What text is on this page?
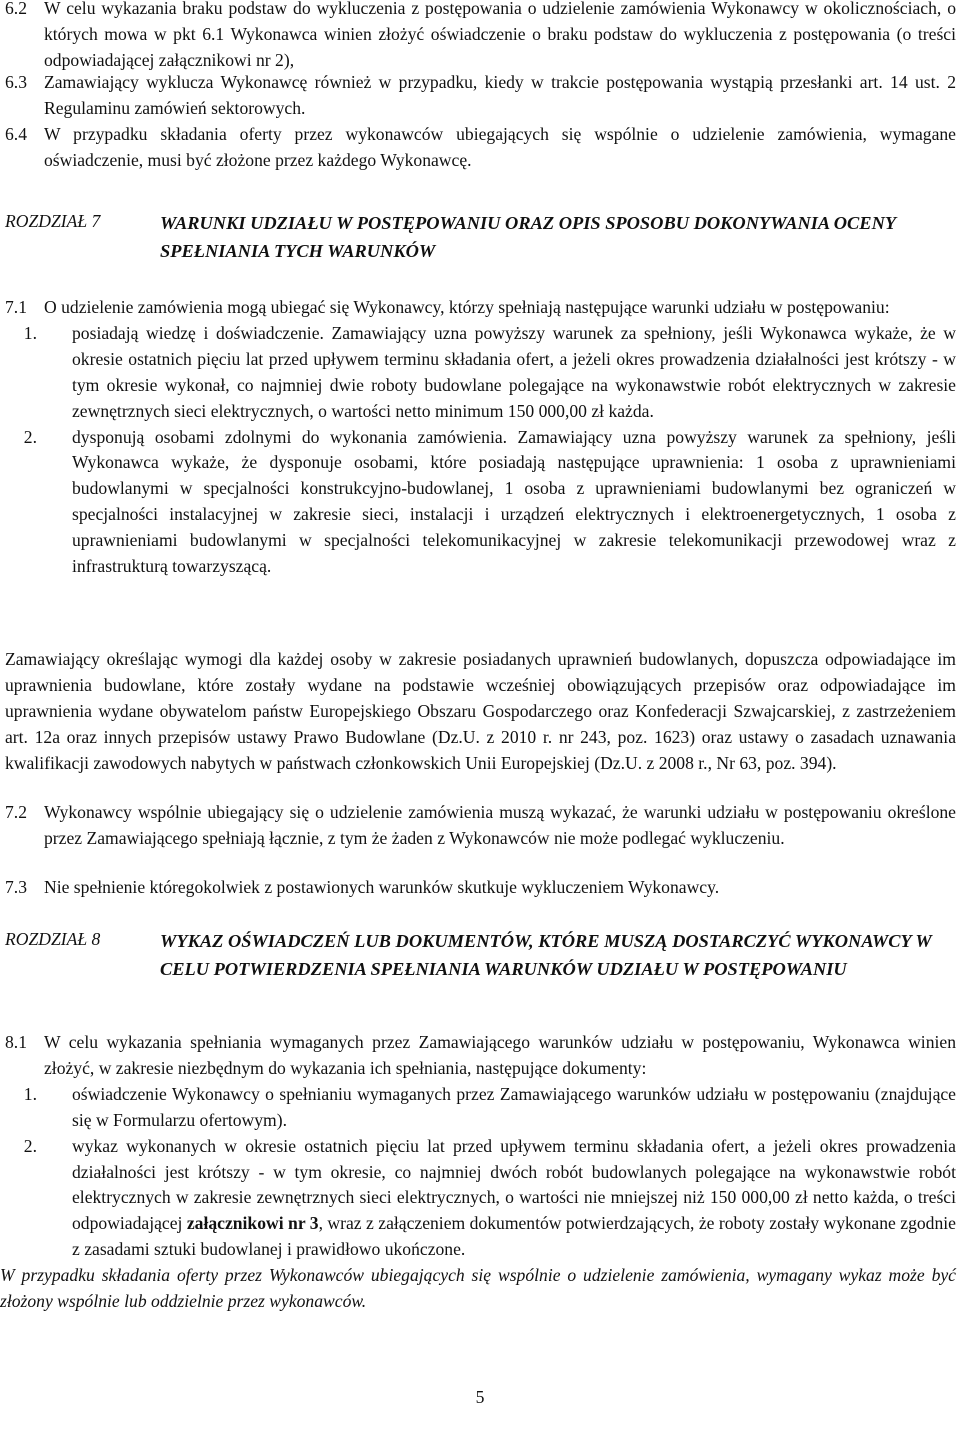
6.2 W celu wykazania braku podstaw do wykluczenia z postępowania o udzielenie zamówienia Wykonawcy w okolicznościach, o których mowa w pkt 6.1 Wykonawca winien złożyć oświadczenie o braku podstaw do wykluczenia z postępowania (o treści odpowiadającej załącznikowi nr 2),
6.3 Zamawiający wyklucza Wykonawcę również w przypadku, kiedy w trakcie postępowania wystąpią przesłanki art. 14 ust. 2 Regulaminu zamówień sektorowych.
6.4 W przypadku składania oferty przez wykonawców ubiegających się wspólnie o udzielenie zamówienia, wymagane oświadczenie, musi być złożone przez każdego Wykonawcę.
ROZDZIAŁ 7	WARUNKI UDZIAŁU W POSTĘPOWANIU ORAZ OPIS SPOSOBU DOKONYWANIA OCENY SPEŁNIANIA TYCH WARUNKÓW
7.1 O udzielenie zamówienia mogą ubiegać się Wykonawcy, którzy spełniają następujące warunki udziału w postępowaniu:
1. posiadają wiedzę i doświadczenie. Zamawiający uzna powyższy warunek za spełniony, jeśli Wykonawca wykaże, że w okresie ostatnich pięciu lat przed upływem terminu składania ofert, a jeżeli okres prowadzenia działalności jest krótszy - w tym okresie wykonał, co najmniej dwie roboty budowlane polegające na wykonawstwie robót elektrycznych w zakresie zewnętrznych sieci elektrycznych, o wartości netto minimum 150 000,00 zł każda.
2. dysponują osobami zdolnymi do wykonania zamówienia. Zamawiający uzna powyższy warunek za spełniony, jeśli Wykonawca wykaże, że dysponuje osobami, które posiadają następujące uprawnienia: 1 osoba z uprawnieniami budowlanymi w specjalności konstrukcyjno-budowlanej, 1 osoba z uprawnieniami budowlanymi bez ograniczeń w specjalności instalacyjnej w zakresie sieci, instalacji i urządzeń elektrycznych i elektroenergetycznych, 1 osoba z uprawnieniami budowlanymi w specjalności telekomunikacyjnej w zakresie telekomunikacji przewodowej wraz z infrastrukturą towarzyszącą.
Zamawiający określając wymogi dla każdej osoby w zakresie posiadanych uprawnień budowlanych, dopuszcza odpowiadające im uprawnienia budowlane, które zostały wydane na podstawie wcześniej obowiązujących przepisów oraz odpowiadające im uprawnienia wydane obywatelom państw Europejskiego Obszaru Gospodarczego oraz Konfederacji Szwajcarskiej, z zastrzeżeniem art. 12a oraz innych przepisów ustawy Prawo Budowlane (Dz.U. z 2010 r. nr 243, poz. 1623) oraz ustawy o zasadach uznawania kwalifikacji zawodowych nabytych w państwach członkowskich Unii Europejskiej (Dz.U. z 2008 r., Nr 63, poz. 394).
7.2 Wykonawcy wspólnie ubiegający się o udzielenie zamówienia muszą wykazać, że warunki udziału w postępowaniu określone przez Zamawiającego spełniają łącznie, z tym że żaden z Wykonawców nie może podlegać wykluczeniu.
7.3 Nie spełnienie któregokolwiek z postawionych warunków skutkuje wykluczeniem Wykonawcy.
ROZDZIAŁ 8	WYKAZ OŚWIADCZEŃ LUB DOKUMENTÓW, KTÓRE MUSZĄ DOSTARCZYĆ WYKONAWCY W CELU POTWIERDZENIA SPEŁNIANIA WARUNKÓW UDZIAŁU W POSTĘPOWANIU
8.1 W celu wykazania spełniania wymaganych przez Zamawiającego warunków udziału w postępowaniu, Wykonawca winien złożyć, w zakresie niezbędnym do wykazania ich spełniania, następujące dokumenty:
1. oświadczenie Wykonawcy o spełnianiu wymaganych przez Zamawiającego warunków udziału w postępowaniu (znajdujące się w Formularzu ofertowym).
2. wykaz wykonanych w okresie ostatnich pięciu lat przed upływem terminu składania ofert, a jeżeli okres prowadzenia działalności jest krótszy - w tym okresie, co najmniej dwóch robót budowlanych polegające na wykonawstwie robót elektrycznych w zakresie zewnętrznych sieci elektrycznych, o wartości nie mniejszej niż 150 000,00 zł netto każda, o treści odpowiadającej załącznikowi nr 3, wraz z załączeniem dokumentów potwierdzających, że roboty zostały wykonane zgodnie z zasadami sztuki budowlanej i prawidłowo ukończone.
W przypadku składania oferty przez Wykonawców ubiegających się wspólnie o udzielenie zamówienia, wymagany wykaz może być złożony wspólnie lub oddzielnie przez wykonawców.
5
